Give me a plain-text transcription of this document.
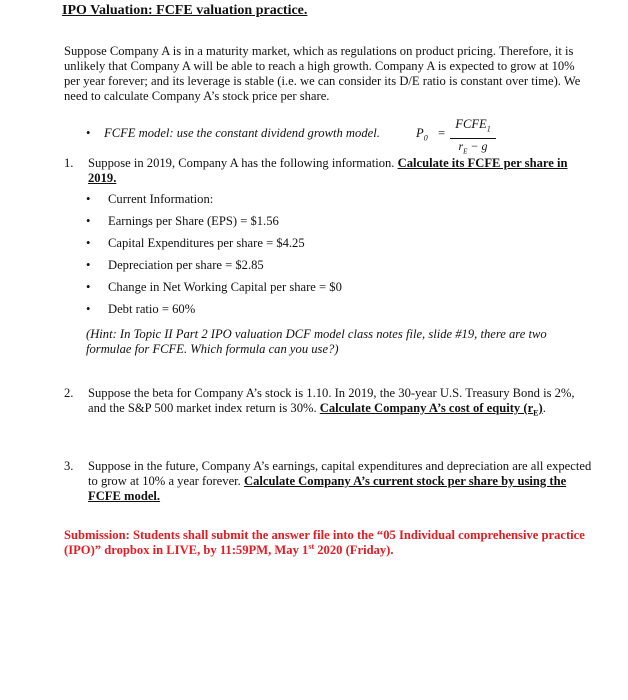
IPO Valuation: FCFE valuation practice.
Suppose Company A is in a maturity market, which as regulations on product pricing. Therefore, it is unlikely that Company A will be able to reach a high growth. Company A is expected to grow at 10% per year forever; and its leverage is stable (i.e. we can consider its D/E ratio is constant over time). We need to calculate Company A’s stock price per share.
• FCFE model: use the constant dividend growth model.	$P_0$ =
$FCFE_1$
$r_E - g$
1. Suppose in 2019, Company A has the following information. Calculate its FCFE per share in 2019.
• Current Information:
• Earnings per Share (EPS) = $1.56
• Capital Expenditures per share = $4.25
• Depreciation per share = $2.85
• Change in Net Working Capital per share = $0
• Debt ratio = 60%
(Hint: In Topic II Part 2 IPO valuation DCF model class notes file, slide #19, there are two formulae for FCFE. Which formula can you use?)
2. Suppose the beta for Company A’s stock is 1.10. In 2019, the 30-year U.S. Treasury Bond is 2%, and the S&P 500 market index return is 30%. Calculate Company A’s cost of equity $(r_E)$.
3. Suppose in the future, Company A’s earnings, capital expenditures and depreciation are all expected to grow at 10% a year forever. Calculate Company A’s current stock per share by using the FCFE model.
Submission: Students shall submit the answer file into the “05 Individual comprehensive practice (IPO)” dropbox in LIVE, by 11:59PM, May 1st 2020 (Friday).
